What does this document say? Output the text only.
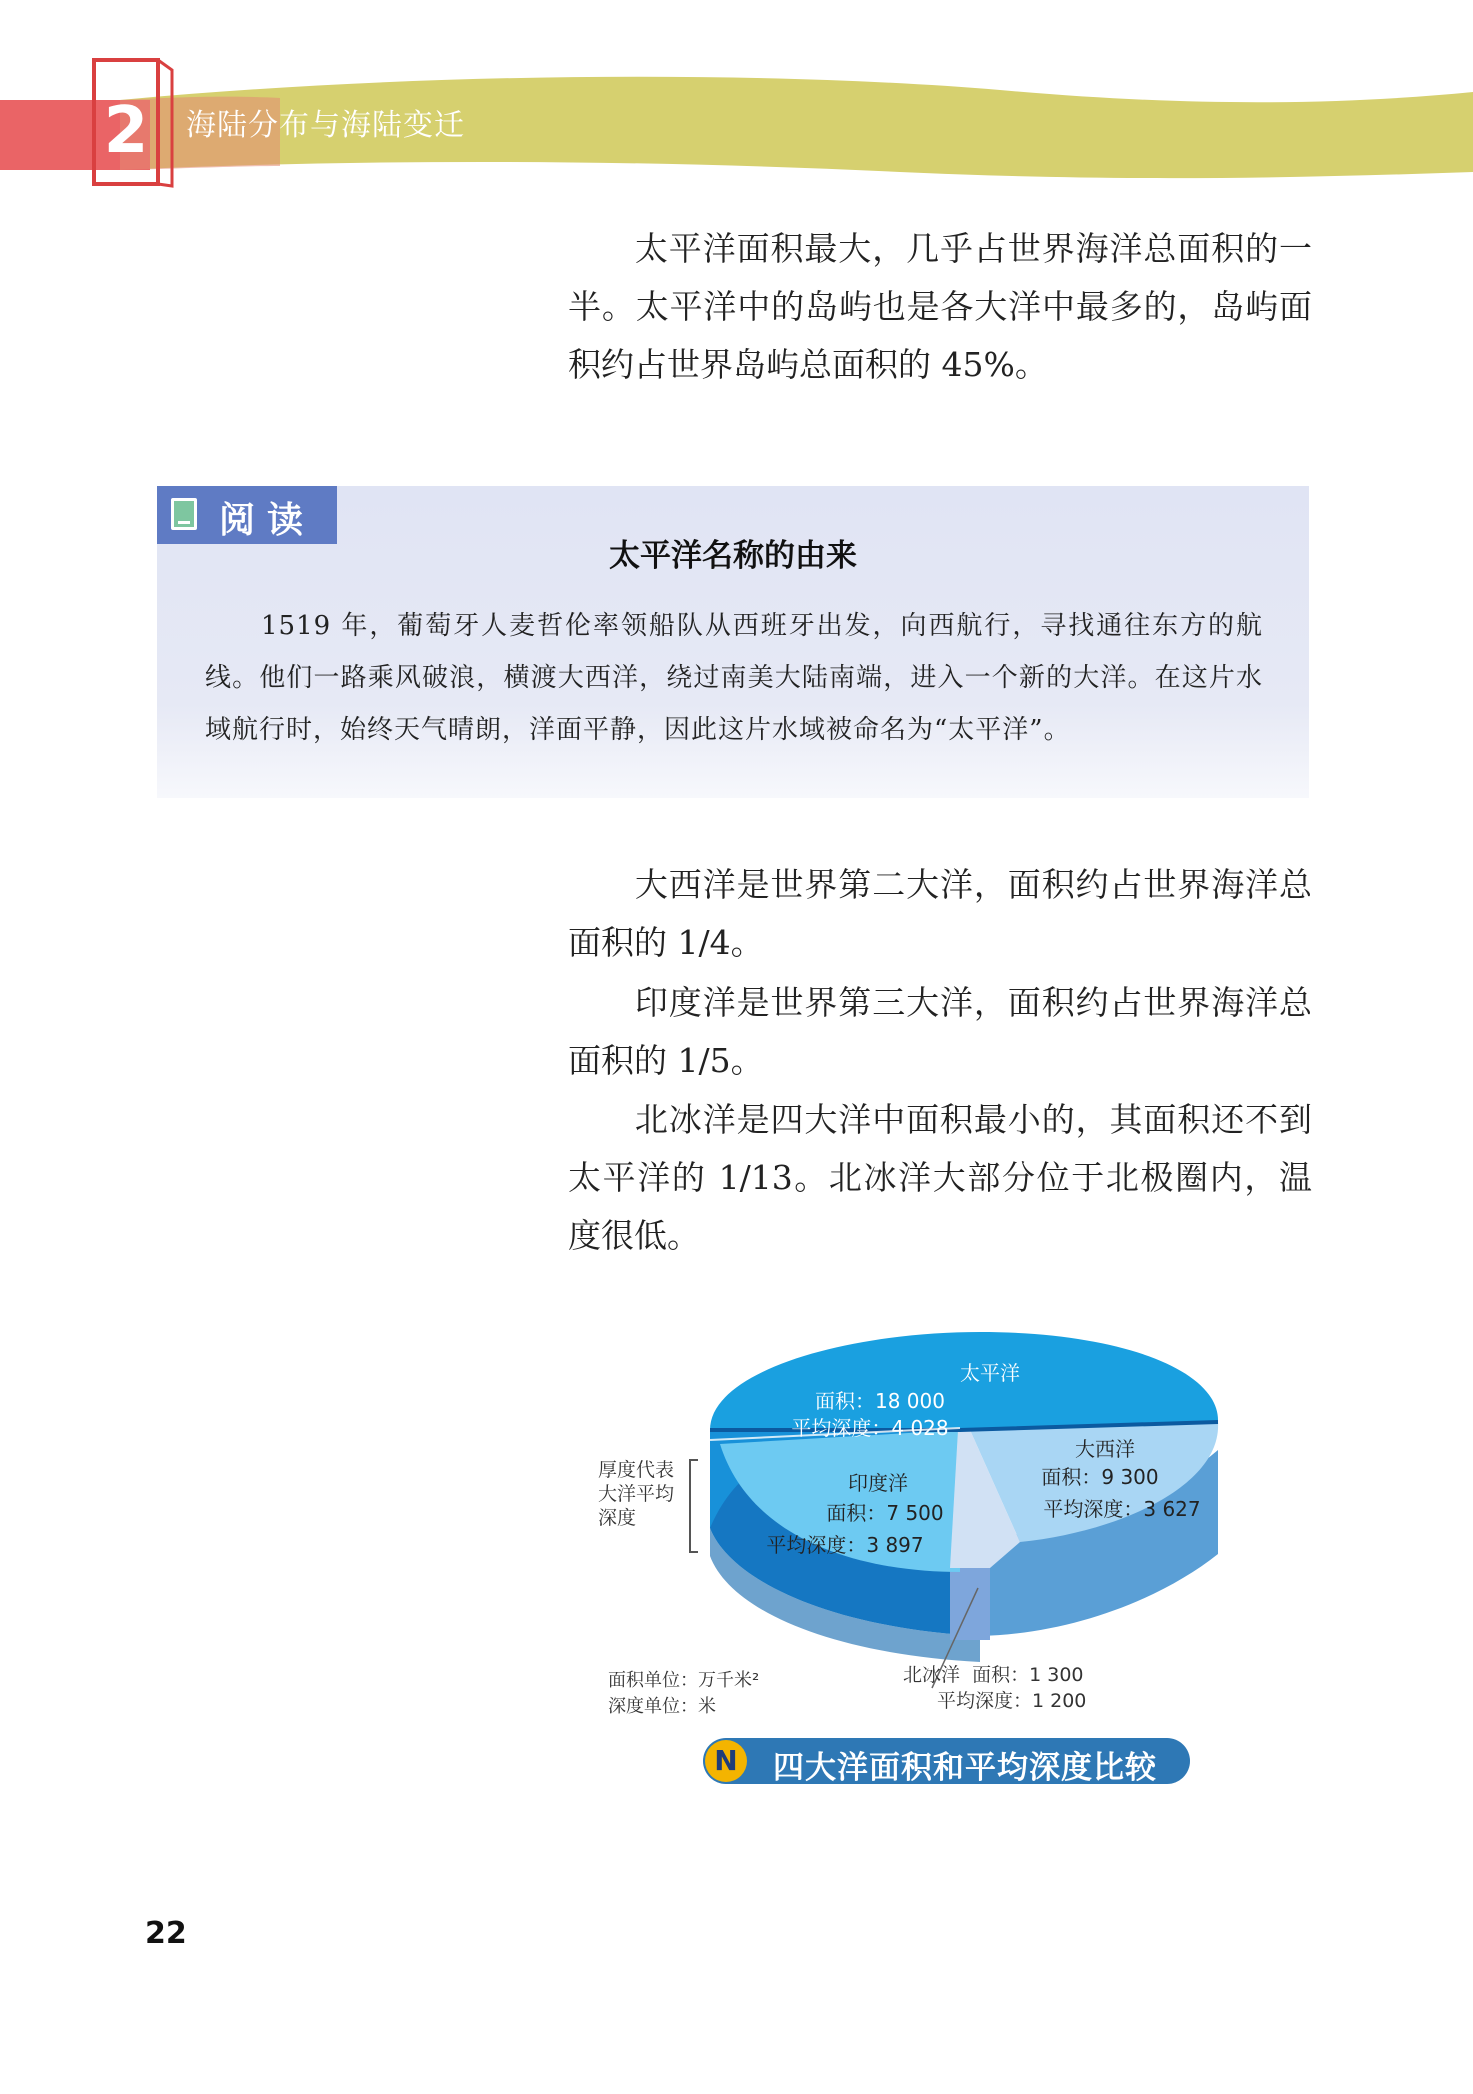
2 海陆分布与海陆变迁
太平洋面积最大，几乎占世界海洋总面积的一半。太平洋中的岛屿也是各大洋中最多的，岛屿面积约占世界岛屿总面积的 45%。
阅读
太平洋名称的由来
1519 年，葡萄牙人麦哲伦率领船队从西班牙出发，向西航行，寻找通往东方的航线。他们一路乘风破浪，横渡大西洋，绕过南美大陆南端，进入一个新的大洋。在这片水域航行时，始终天气晴朗，洋面平静，因此这片水域被命名为“太平洋”。
大西洋是世界第二大洋，面积约占世界海洋总面积的 1/4。
印度洋是世界第三大洋，面积约占世界海洋总面积的 1/5。
北冰洋是四大洋中面积最小的，其面积还不到太平洋的 1/13。北冰洋大部分位于北极圈内，温度很低。
太平洋
面积：18 000
平均深度：4 028
大西洋
面积：9 300
平均深度：3 627
印度洋
面积：7 500
平均深度：3 897
厚度代表大洋平均深度
面积单位：万千米²
深度单位：米
北冰洋 面积：1 300
平均深度：1 200
N 四大洋面积和平均深度比较
22
